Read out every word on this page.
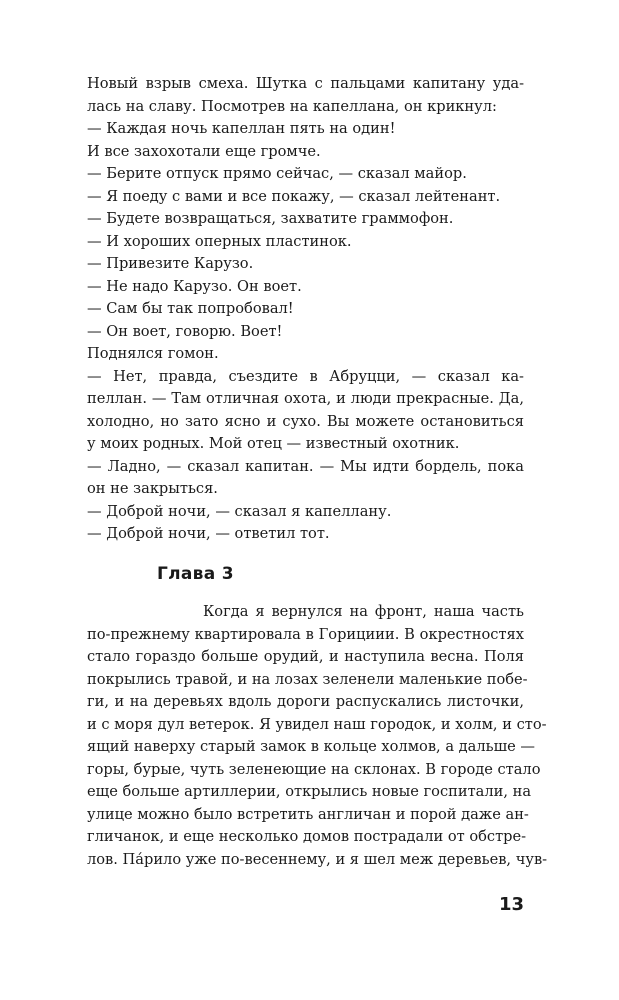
Новый взрыв смеха. Шутка с пальцами капитану уда-
лась на славу. Посмотрев на капеллана, он крикнул:
— Каждая ночь капеллан пять на один!
И все захохотали еще громче.
— Берите отпуск прямо сейчас, — сказал майор.
— Я поеду с вами и все покажу, — сказал лейтенант.
— Будете возвращаться, захватите граммофон.
— И хороших оперных пластинок.
— Привезите Карузо.
— Не надо Карузо. Он воет.
— Сам бы так попробовал!
— Он воет, говорю. Воет!
Поднялся гомон.
— Нет, правда, съездите в Абруцци, — сказал ка-
пеллан. — Там отличная охота, и люди прекрасные. Да,
холодно, но зато ясно и сухо. Вы можете остановиться
у моих родных. Мой отец — известный охотник.
— Ладно, — сказал капитан. — Мы идти бордель, пока
он не закрыться.
— Доброй ночи, — сказал я капеллану.
— Доброй ночи, — ответил тот.
Глава 3
Когда я вернулся на фронт, наша часть
по-прежнему квартировала в Горициии. В окрестностях
стало гораздо больше орудий, и наступила весна. Поля
покрылись травой, и на лозах зеленели маленькие побе-
ги, и на деревьях вдоль дороги распускались листочки,
и с моря дул ветерок. Я увидел наш городок, и холм, и сто-
ящий наверху старый замок в кольце холмов, а дальше —
горы, бурые, чуть зеленеющие на склонах. В городе стало
еще больше артиллерии, открылись новые госпитали, на
улице можно было встретить англичан и порой даже ан-
гличанок, и еще несколько домов пострадали от обстре-
лов. Па́рило уже по-весеннему, и я шел меж деревьев, чув-
13
